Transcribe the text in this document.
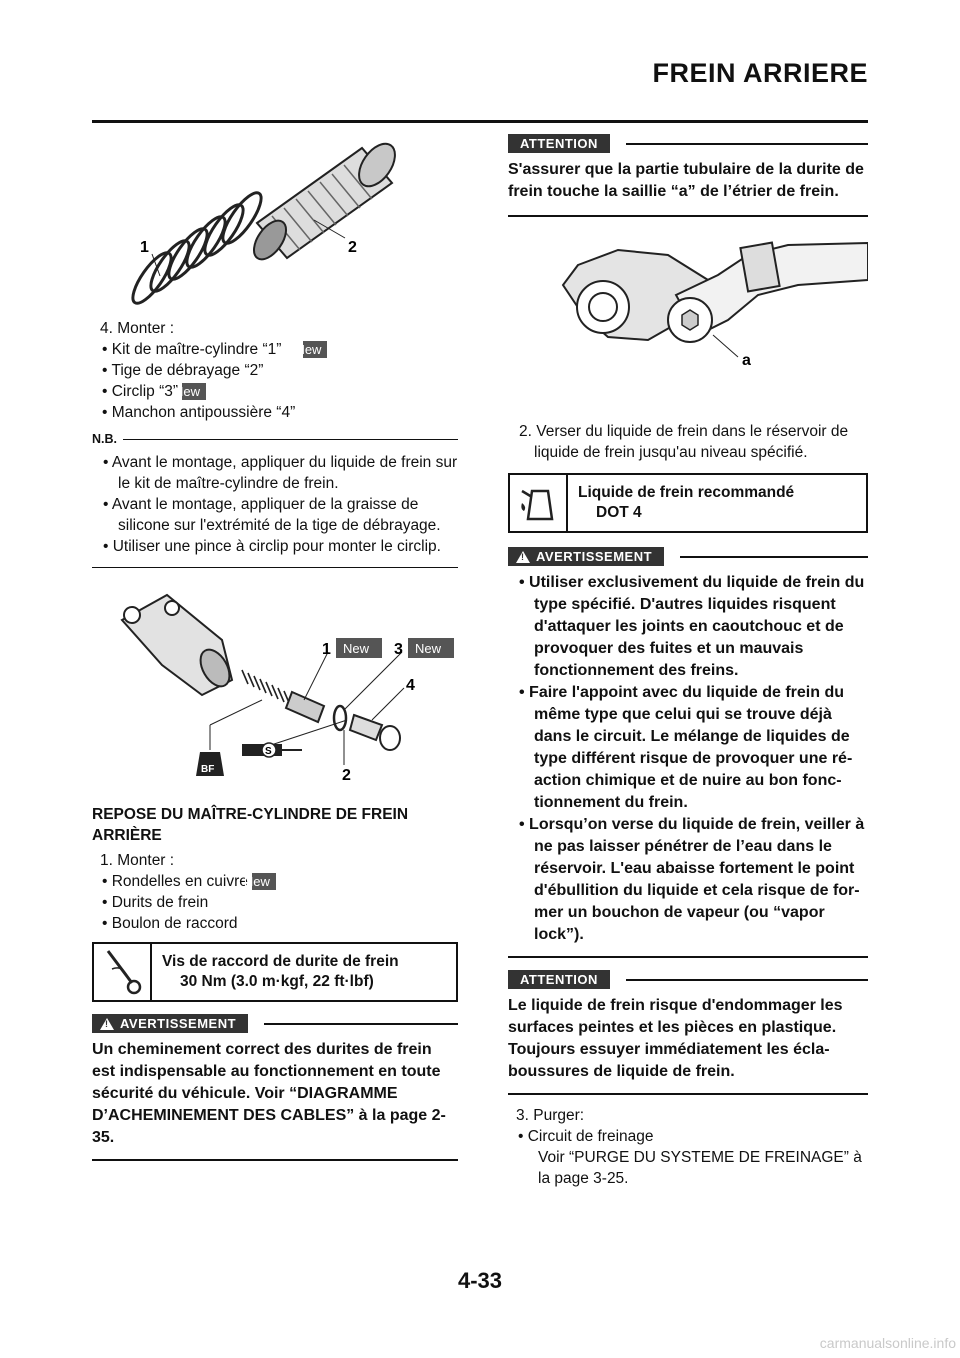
FREIN ARRIERE
1	2
4. Monter :
• Kit de maître-cylindre “1” New
• Tige de débrayage “2”
• Circlip “3”New
• Manchon antipoussière “4”
N.B.
• Avant le montage, appliquer du liquide de frein sur le kit de maître-cylindre de frein.
• Avant le montage, appliquer de la graisse de silicone sur l'extrémité de la tige de débrayage.
• Utiliser une pince à circlip pour monter le circlip.
BF
S
1 New 3 New
4
2
REPOSE DU MAÎTRE-CYLINDRE DE FREIN ARRIÈRE
1. Monter :
• Rondelles en cuivreNew
• Durits de frein
• Boulon de raccord
Vis de raccord de durite de frein
30 Nm (3.0 m·kgf, 22 ft·lbf)
!
AVERTISSEMENT
Un cheminement correct des durites de frein est indispensable au fonctionnement en toute sécurité du véhicule. Voir “DIAGRAMME D’ACHEMINEMENT DES CABLES” à la page 2-35.
ATTENTION
S'assurer que la partie tubulaire de la durite de frein touche la saillie “a” de l’étrier de frein.
a
2. Verser du liquide de frein dans le réservoir de liquide de frein jusqu'au niveau spécifié.
Liquide de frein recommandé
DOT 4
!
AVERTISSEMENT
• Utiliser exclusivement du liquide de frein du type spécifié. D'autres liquides risquent d'attaquer les joints en caoutchouc et de provoquer des fuites et un mauvais fonctionnement des freins.
• Faire l'appoint avec du liquide de frein du même type que celui qui se trouve déjà dans le circuit. Le mélange de liquides de type différent risque de provoquer une réaction chimique et de nuire au bon fonctionnement du frein.
• Lorsqu’on verse du liquide de frein, veiller à ne pas laisser pénétrer de l’eau dans le réservoir. L'eau abaisse fortement le point d'ébullition du liquide et cela risque de former un bouchon de vapeur (ou “vapor lock”).
ATTENTION
Le liquide de frein risque d'endommager les surfaces peintes et les pièces en plastique. Toujours essuyer immédiatement les éclaboussures de liquide de frein.
3. Purger:
• Circuit de freinage
Voir “PURGE DU SYSTEME DE FREINAGE” à la page 3-25.
4-33
carmanualsonline.info
